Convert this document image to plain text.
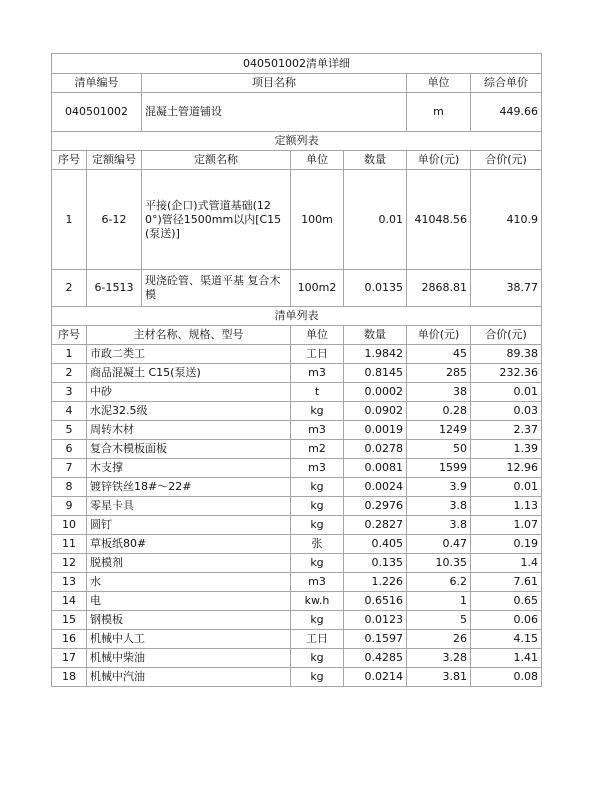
040501002清单详细						
清单编号		项目名称			单位	综合单价
040501002		混凝土管道铺设			m	449.66
定额列表						
序号	定额编号	定额名称	单位	数量	单价(元)	合价(元)
1	6-12	平接(企口)式管道基础(120°)管径1500mm以内[C15(泵送)]	100m	0.01	41048.56	410.9
2	6-1513	现浇砼管、渠道平基 复合木模	100m2	0.0135	2868.81	38.77
清单列表						
序号	主材名称、规格、型号		单位	数量	单价(元)	合价(元)
1	市政二类工		工日	1.9842	45	89.38
2	商品混凝土 C15(泵送)		m3	0.8145	285	232.36
3	中砂		t	0.0002	38	0.01
4	水泥32.5级		kg	0.0902	0.28	0.03
5	周转木材		m3	0.0019	1249	2.37
6	复合木模板面板		m2	0.0278	50	1.39
7	木支撑		m3	0.0081	1599	12.96
8	镀锌铁丝18#～22#		kg	0.0024	3.9	0.01
9	零星卡具		kg	0.2976	3.8	1.13
10	圆钉		kg	0.2827	3.8	1.07
11	草板纸80#		张	0.405	0.47	0.19
12	脱模剂		kg	0.135	10.35	1.4
13	水		m3	1.226	6.2	7.61
14	电		kw.h	0.6516	1	0.65
15	钢模板		kg	0.0123	5	0.06
16	机械中人工		工日	0.1597	26	4.15
17	机械中柴油		kg	0.4285	3.28	1.41
18	机械中汽油		kg	0.0214	3.81	0.08
